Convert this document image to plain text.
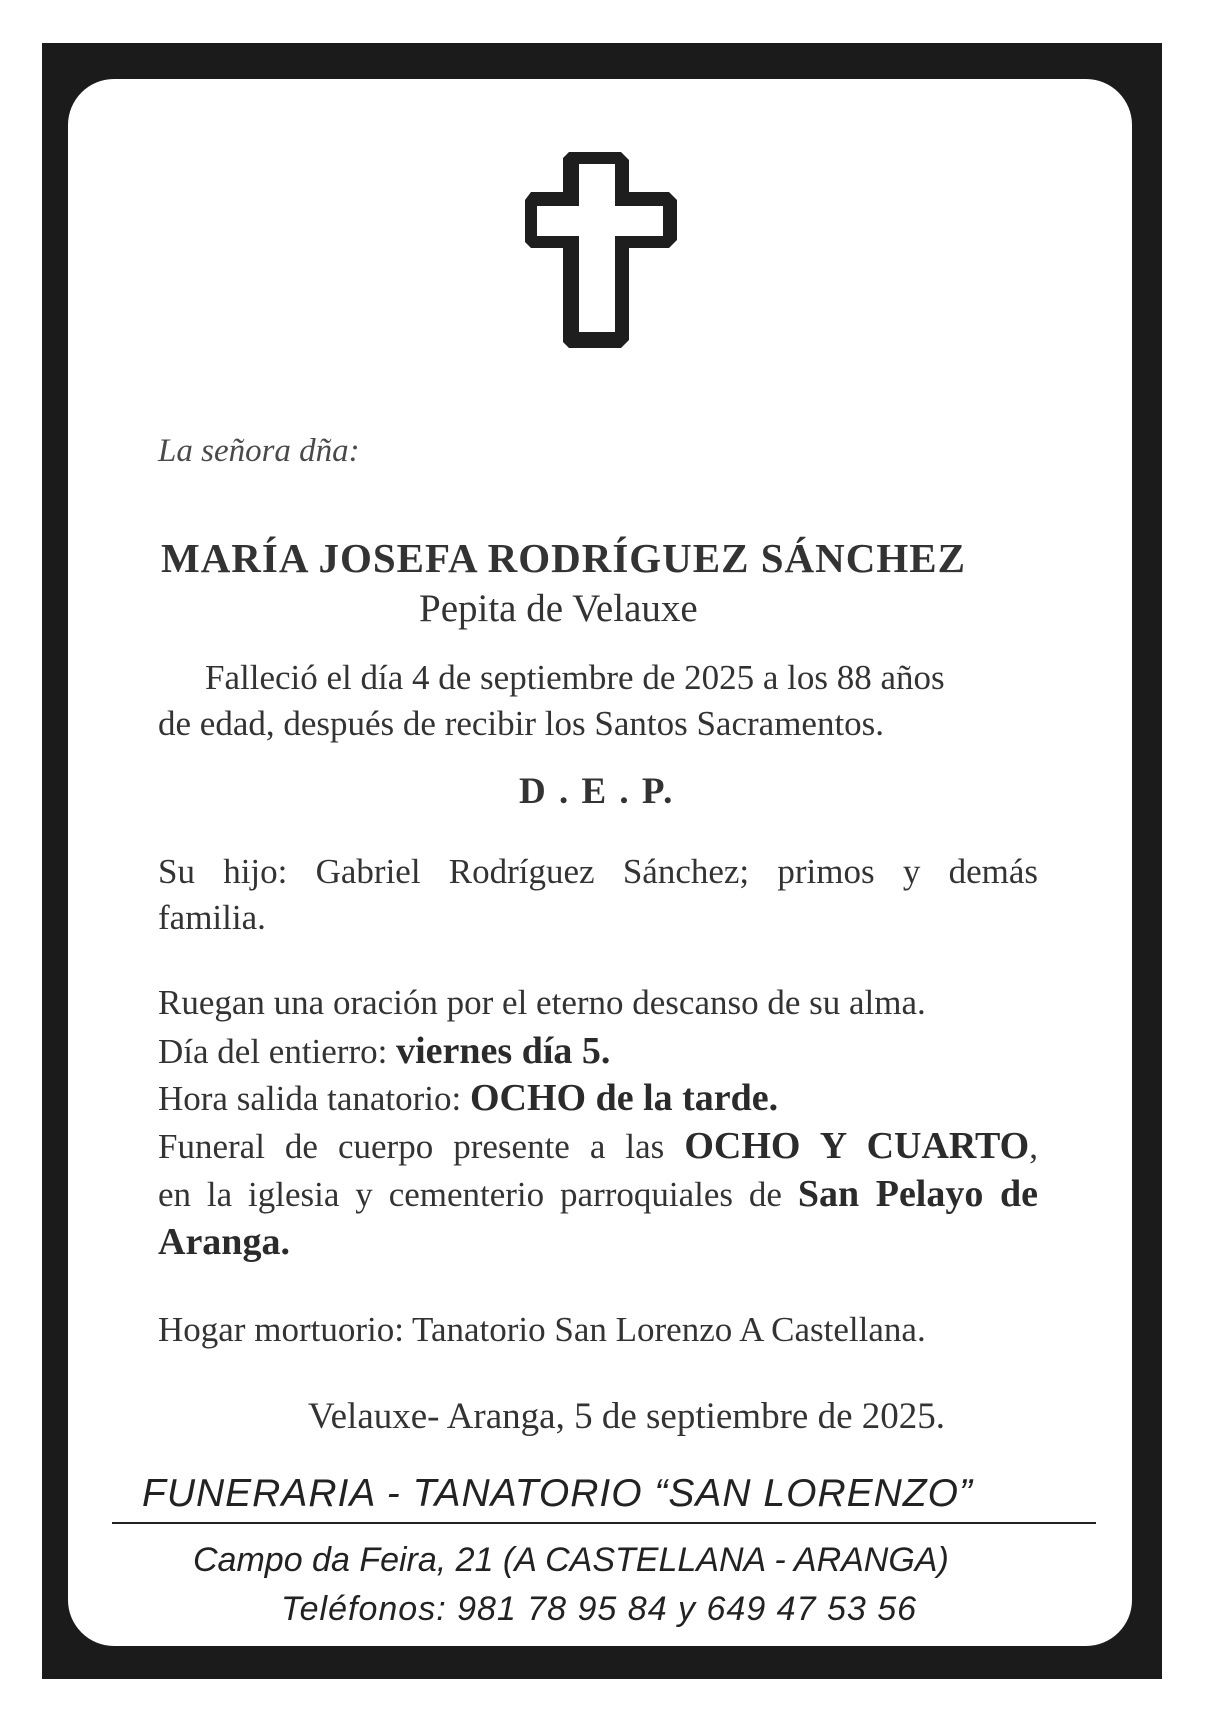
La señora dña:
MARÍA JOSEFA RODRÍGUEZ SÁNCHEZ
Pepita de Velauxe
Falleció el día 4 de septiembre de 2025 a los 88 años
de edad, después de recibir los Santos Sacramentos.
D . E . P.
Su hijo: Gabriel Rodríguez Sánchez; primos y demás
familia.
Ruegan una oración por el eterno descanso de su alma.
Día del entierro: viernes día 5.
Hora salida tanatorio: OCHO de la tarde.
Funeral de cuerpo presente a las OCHO Y CUARTO,
en la iglesia y cementerio parroquiales de San Pelayo de
Aranga.
Hogar mortuorio: Tanatorio San Lorenzo A Castellana.
Velauxe- Aranga, 5 de septiembre de 2025.
FUNERARIA - TANATORIO “SAN LORENZO”
Campo da Feira, 21 (A CASTELLANA - ARANGA)
Teléfonos: 981 78 95 84 y 649 47 53 56
